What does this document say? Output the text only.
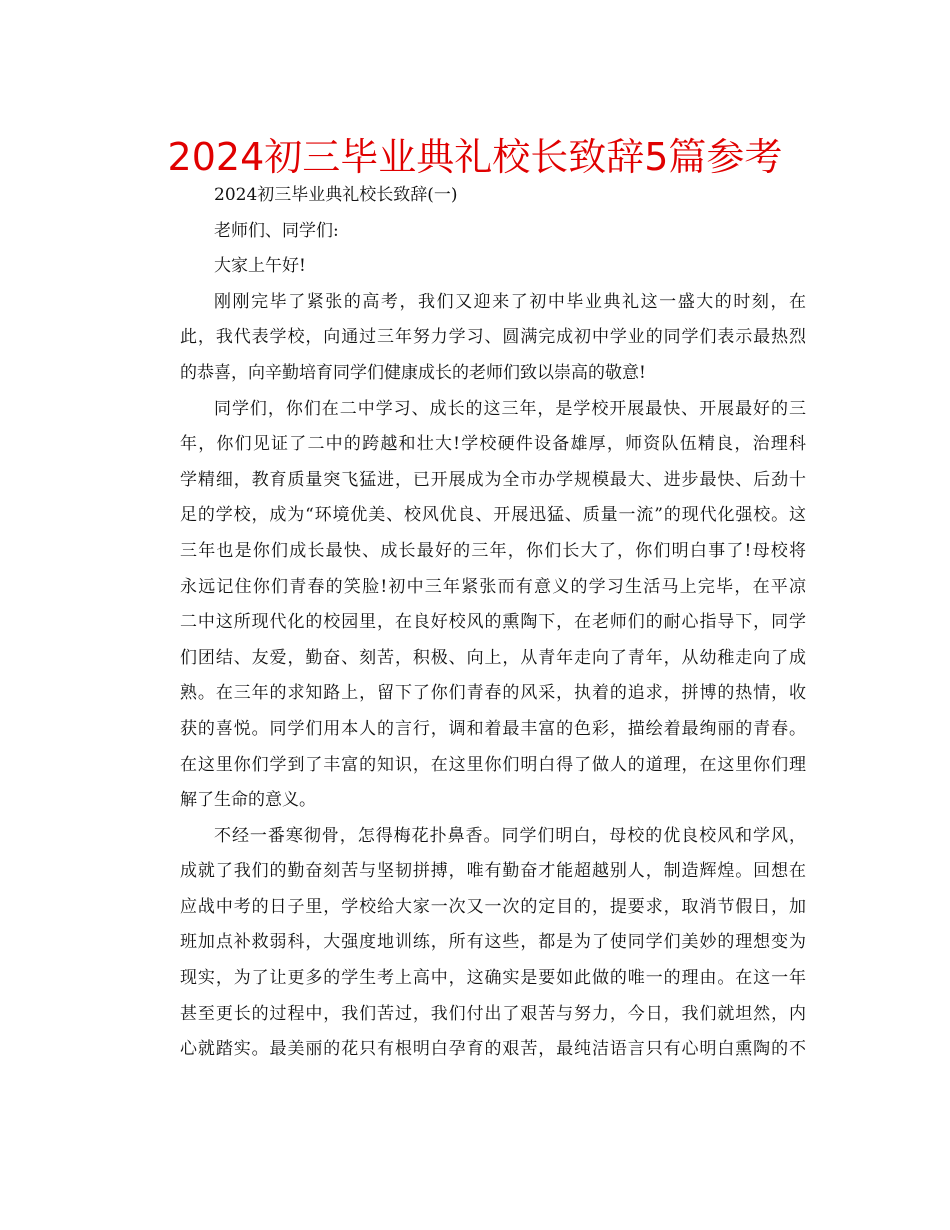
2024初三毕业典礼校长致辞5篇参考
2024初三毕业典礼校长致辞(一)
老师们、同学们:
大家上午好!
刚刚完毕了紧张的高考，我们又迎来了初中毕业典礼这一盛大的时刻，在
此，我代表学校，向通过三年努力学习、圆满完成初中学业的同学们表示最热烈
的恭喜，向辛勤培育同学们健康成长的老师们致以崇高的敬意!
同学们，你们在二中学习、成长的这三年，是学校开展最快、开展最好的三
年，你们见证了二中的跨越和壮大!学校硬件设备雄厚，师资队伍精良，治理科
学精细，教育质量突飞猛进，已开展成为全市办学规模最大、进步最快、后劲十
足的学校，成为“环境优美、校风优良、开展迅猛、质量一流”的现代化强校。这
三年也是你们成长最快、成长最好的三年，你们长大了，你们明白事了!母校将
永远记住你们青春的笑脸!初中三年紧张而有意义的学习生活马上完毕，在平凉
二中这所现代化的校园里，在良好校风的熏陶下，在老师们的耐心指导下，同学
们团结、友爱，勤奋、刻苦，积极、向上，从青年走向了青年，从幼稚走向了成
熟。在三年的求知路上，留下了你们青春的风采，执着的追求，拼博的热情，收
获的喜悦。同学们用本人的言行，调和着最丰富的色彩，描绘着最绚丽的青春。
在这里你们学到了丰富的知识，在这里你们明白得了做人的道理，在这里你们理
解了生命的意义。
不经一番寒彻骨，怎得梅花扑鼻香。同学们明白，母校的优良校风和学风，
成就了我们的勤奋刻苦与坚韧拼搏，唯有勤奋才能超越别人，制造辉煌。回想在
应战中考的日子里，学校给大家一次又一次的定目的，提要求，取消节假日，加
班加点补救弱科，大强度地训练，所有这些，都是为了使同学们美妙的理想变为
现实，为了让更多的学生考上高中，这确实是要如此做的唯一的理由。在这一年
甚至更长的过程中，我们苦过，我们付出了艰苦与努力，今日，我们就坦然，内
心就踏实。最美丽的花只有根明白孕育的艰苦，最纯洁语言只有心明白熏陶的不
